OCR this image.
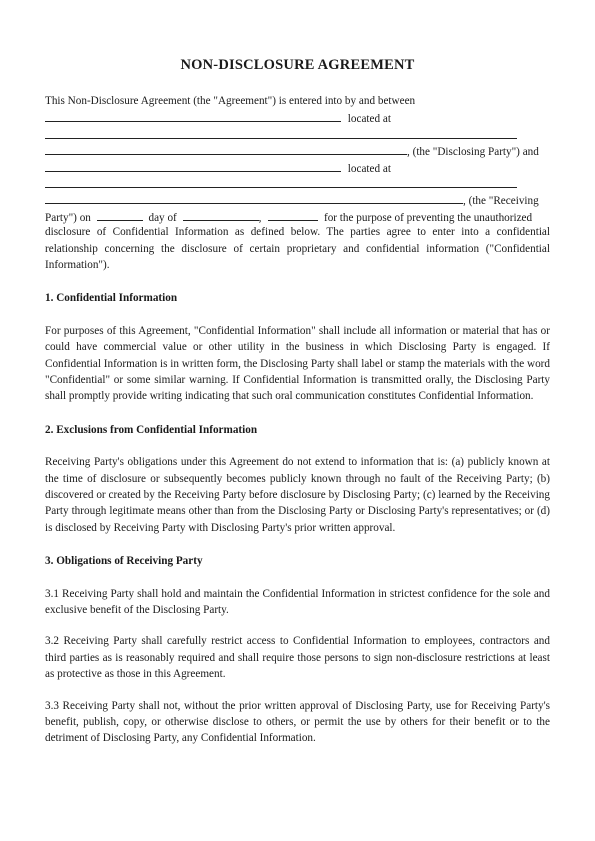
NON-DISCLOSURE AGREEMENT
This Non-Disclosure Agreement (the "Agreement") is entered into by and between
located at
, (the "Disclosing Party") and
located at
, (the "Receiving
Party") on	day of	,	for the purpose of preventing the unauthorized

disclosure of Confidential Information as defined below. The parties agree to enter into a confidential relationship concerning the disclosure of certain proprietary and confidential information ("Confidential Information").

1. Confidential Information

For purposes of this Agreement, "Confidential Information" shall include all information or material that has or could have commercial value or other utility in the business in which Disclosing Party is engaged. If Confidential Information is in written form, the Disclosing Party shall label or stamp the materials with the word "Confidential" or some similar warning. If Confidential Information is transmitted orally, the Disclosing Party shall promptly provide writing indicating that such oral communication constitutes Confidential Information.

2. Exclusions from Confidential Information

Receiving Party's obligations under this Agreement do not extend to information that is: (a) publicly known at the time of disclosure or subsequently becomes publicly known through no fault of the Receiving Party; (b) discovered or created by the Receiving Party before disclosure by Disclosing Party; (c) learned by the Receiving Party through legitimate means other than from the Disclosing Party or Disclosing Party's representatives; or (d) is disclosed by Receiving Party with Disclosing Party's prior written approval.

3. Obligations of Receiving Party

3.1 Receiving Party shall hold and maintain the Confidential Information in strictest confidence for the sole and exclusive benefit of the Disclosing Party.

3.2 Receiving Party shall carefully restrict access to Confidential Information to employees, contractors and third parties as is reasonably required and shall require those persons to sign non-disclosure restrictions at least as protective as those in this Agreement.

3.3 Receiving Party shall not, without the prior written approval of Disclosing Party, use for Receiving Party's benefit, publish, copy, or otherwise disclose to others, or permit the use by others for their benefit or to the detriment of Disclosing Party, any Confidential Information.
